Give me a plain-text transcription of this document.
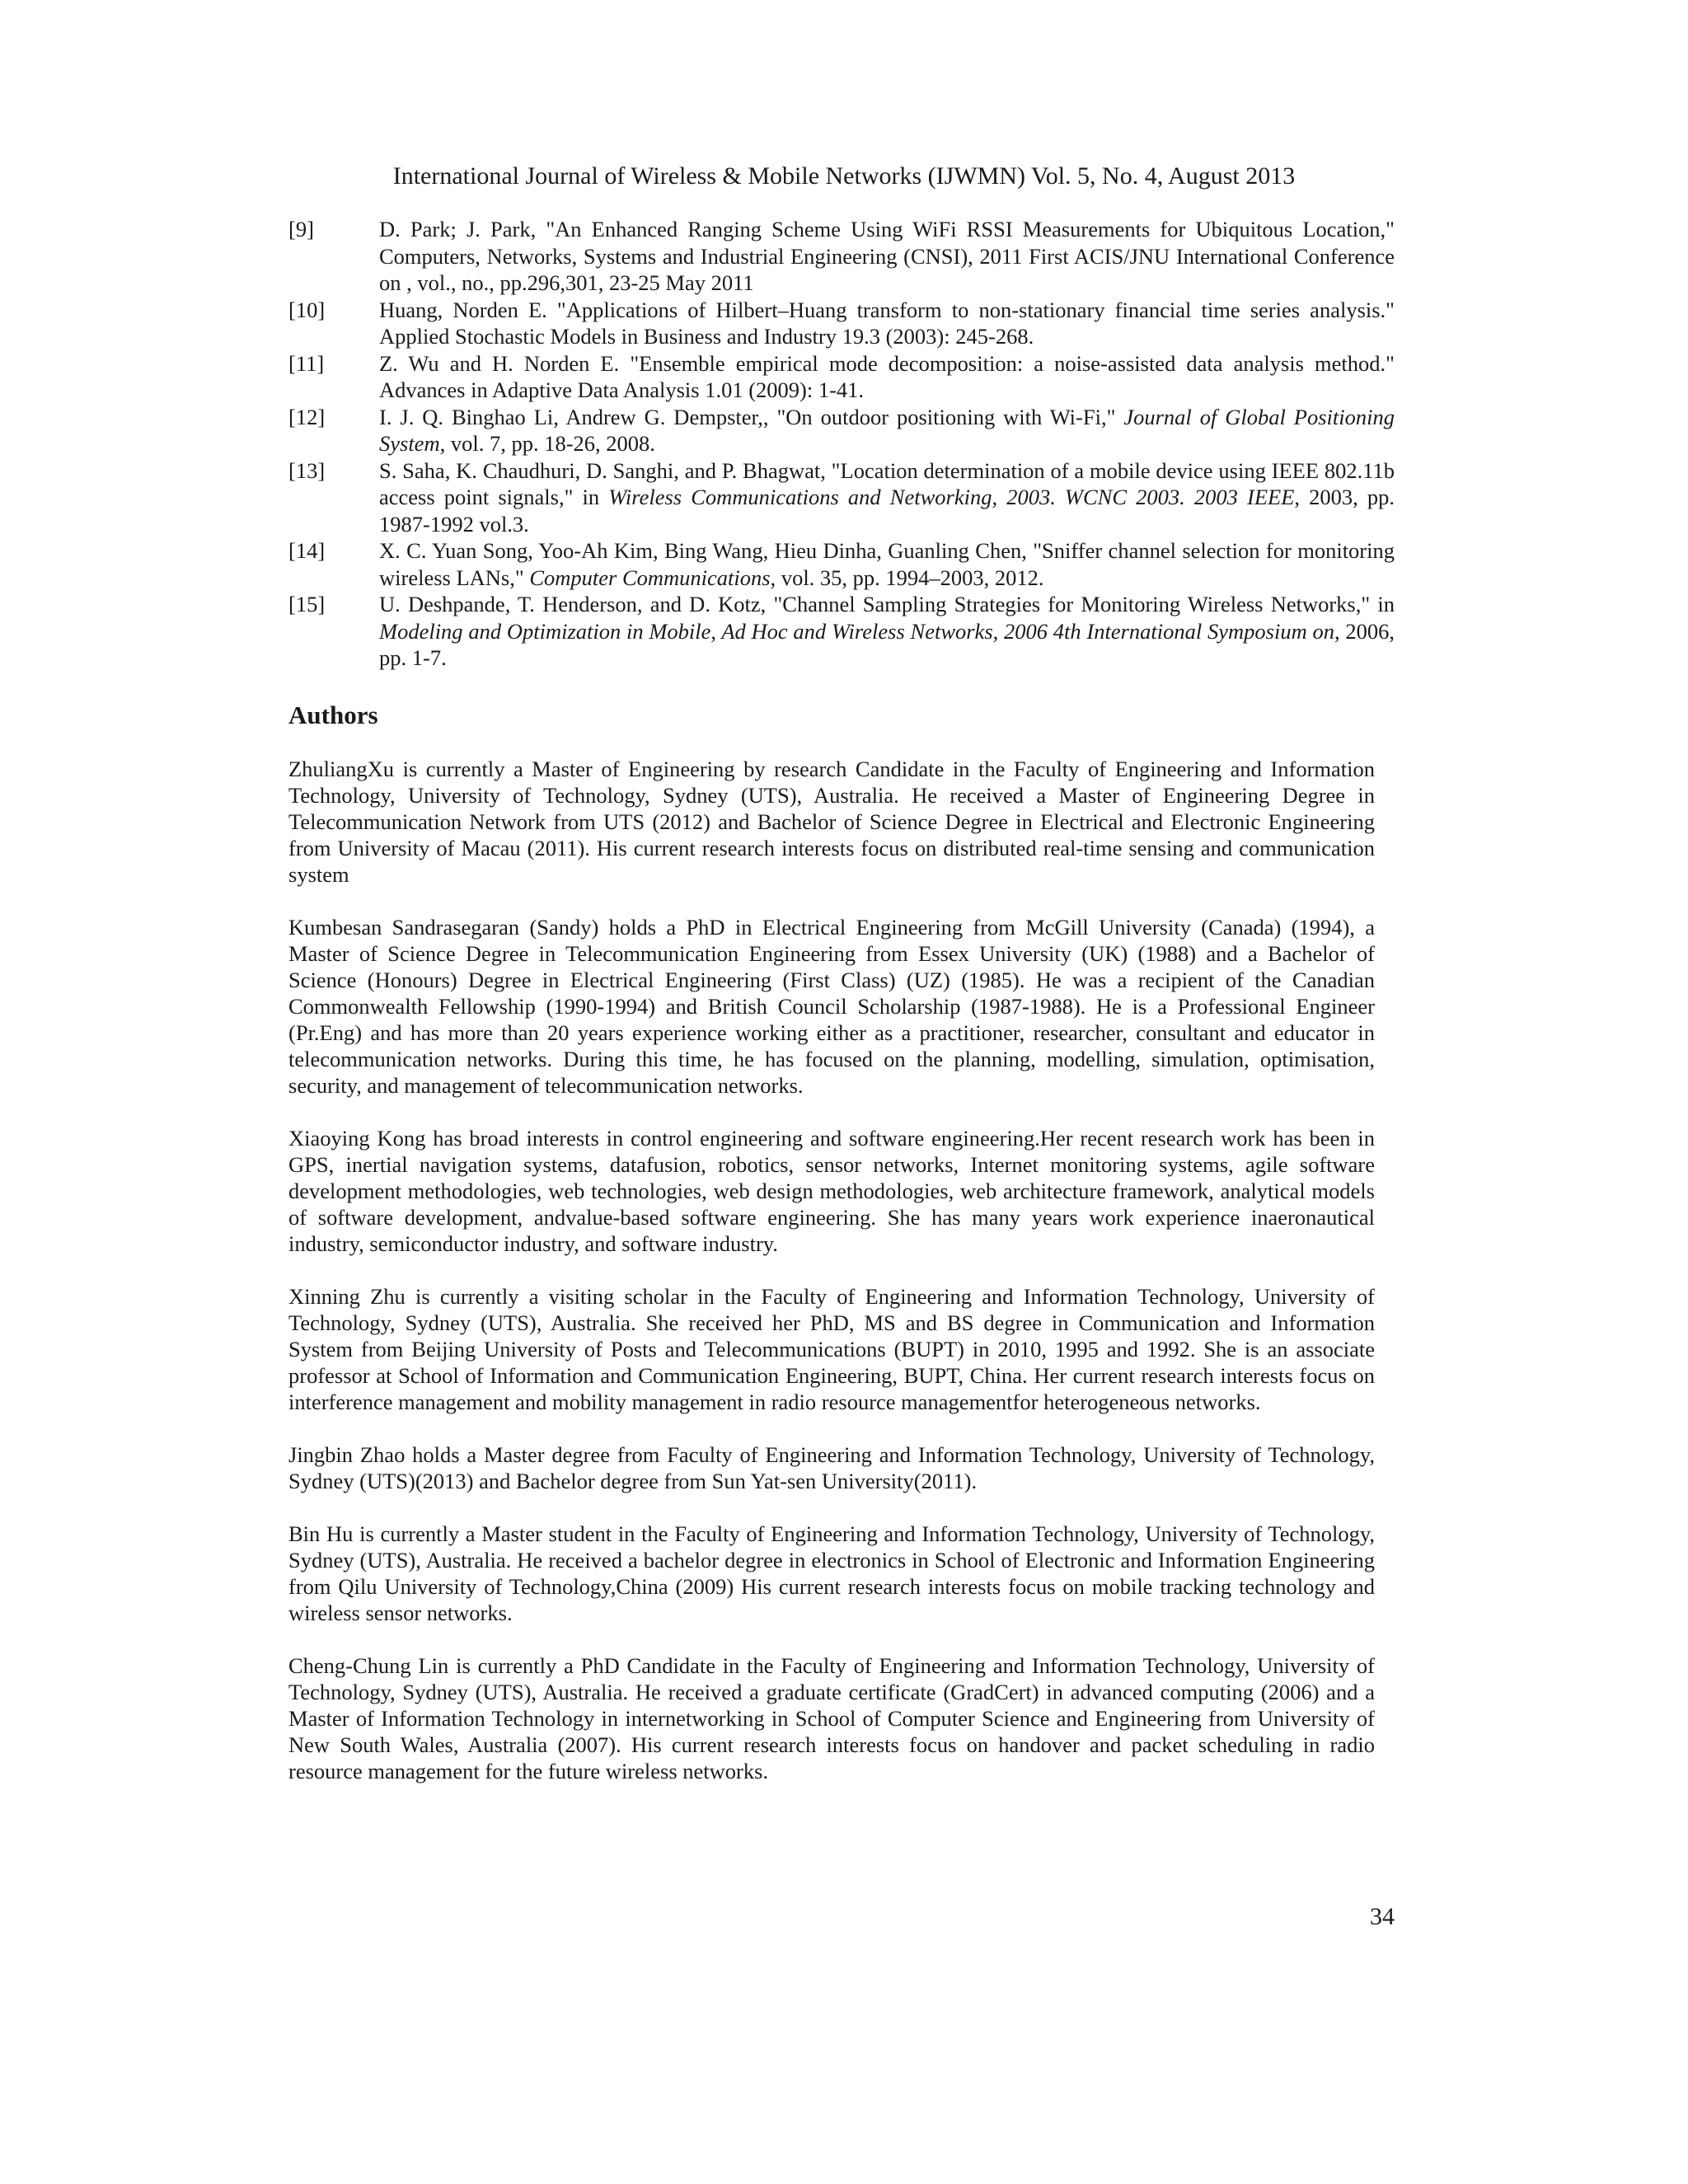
International Journal of Wireless & Mobile Networks (IJWMN) Vol. 5, No. 4, August 2013
[9]	D. Park; J. Park, "An Enhanced Ranging Scheme Using WiFi RSSI Measurements for Ubiquitous Location," Computers, Networks, Systems and Industrial Engineering (CNSI), 2011 First ACIS/JNU International Conference on , vol., no., pp.296,301, 23-25 May 2011
[10]	Huang, Norden E. "Applications of Hilbert–Huang transform to non-stationary financial time series analysis." Applied Stochastic Models in Business and Industry 19.3 (2003): 245-268.
[11]	Z. Wu and H. Norden E. "Ensemble empirical mode decomposition: a noise-assisted data analysis method." Advances in Adaptive Data Analysis 1.01 (2009): 1-41.
[12]	I. J. Q. Binghao Li, Andrew G. Dempster,, "On outdoor positioning with Wi-Fi," Journal of Global Positioning System, vol. 7, pp. 18-26, 2008.
[13]	S. Saha, K. Chaudhuri, D. Sanghi, and P. Bhagwat, "Location determination of a mobile device using IEEE 802.11b access point signals," in Wireless Communications and Networking, 2003. WCNC 2003. 2003 IEEE, 2003, pp. 1987-1992 vol.3.
[14]	X. C. Yuan Song, Yoo-Ah Kim, Bing Wang, Hieu Dinha, Guanling Chen, "Sniffer channel selection for monitoring wireless LANs," Computer Communications, vol. 35, pp. 1994–2003, 2012.
[15]	U. Deshpande, T. Henderson, and D. Kotz, "Channel Sampling Strategies for Monitoring Wireless Networks," in Modeling and Optimization in Mobile, Ad Hoc and Wireless Networks, 2006 4th International Symposium on, 2006, pp. 1-7.
Authors

ZhuliangXu is currently a Master of Engineering by research Candidate in the Faculty of Engineering and Information Technology, University of Technology, Sydney (UTS), Australia. He received a Master of Engineering Degree in Telecommunication Network from UTS (2012) and Bachelor of Science Degree in Electrical and Electronic Engineering from University of Macau (2011). His current research interests focus on distributed real-time sensing and communication system

Kumbesan Sandrasegaran (Sandy) holds a PhD in Electrical Engineering from McGill University (Canada) (1994), a Master of Science Degree in Telecommunication Engineering from Essex University (UK) (1988) and a Bachelor of Science (Honours) Degree in Electrical Engineering (First Class) (UZ) (1985). He was a recipient of the Canadian Commonwealth Fellowship (1990-1994) and British Council Scholarship (1987-1988). He is a Professional Engineer (Pr.Eng) and has more than 20 years experience working either as a practitioner, researcher, consultant and educator in telecommunication networks. During this time, he has focused on the planning, modelling, simulation, optimisation, security, and management of telecommunication networks.

Xiaoying Kong has broad interests in control engineering and software engineering.Her recent research work has been in GPS, inertial navigation systems, datafusion, robotics, sensor networks, Internet monitoring systems, agile software development methodologies, web technologies, web design methodologies, web architecture framework, analytical models of software development, andvalue-based software engineering. She has many years work experience inaeronautical industry, semiconductor industry, and software industry.

Xinning Zhu is currently a visiting scholar in the Faculty of Engineering and Information Technology, University of Technology, Sydney (UTS), Australia. She received her PhD, MS and BS degree in Communication and Information System from Beijing University of Posts and Telecommunications (BUPT) in 2010, 1995 and 1992. She is an associate professor at School of Information and Communication Engineering, BUPT, China. Her current research interests focus on interference management and mobility management in radio resource managementfor heterogeneous networks.

Jingbin Zhao holds a Master degree from Faculty of Engineering and Information Technology, University of Technology, Sydney (UTS)(2013) and Bachelor degree from Sun Yat-sen University(2011).

Bin Hu is currently a Master student in the Faculty of Engineering and Information Technology, University of Technology, Sydney (UTS), Australia. He received a bachelor degree in electronics in School of Electronic and Information Engineering from Qilu University of Technology,China (2009) His current research interests focus on mobile tracking technology and wireless sensor networks.

Cheng-Chung Lin is currently a PhD Candidate in the Faculty of Engineering and Information Technology, University of Technology, Sydney (UTS), Australia. He received a graduate certificate (GradCert) in advanced computing (2006) and a Master of Information Technology in internetworking in School of Computer Science and Engineering from University of New South Wales, Australia (2007). His current research interests focus on handover and packet scheduling in radio resource management for the future wireless networks.

34
